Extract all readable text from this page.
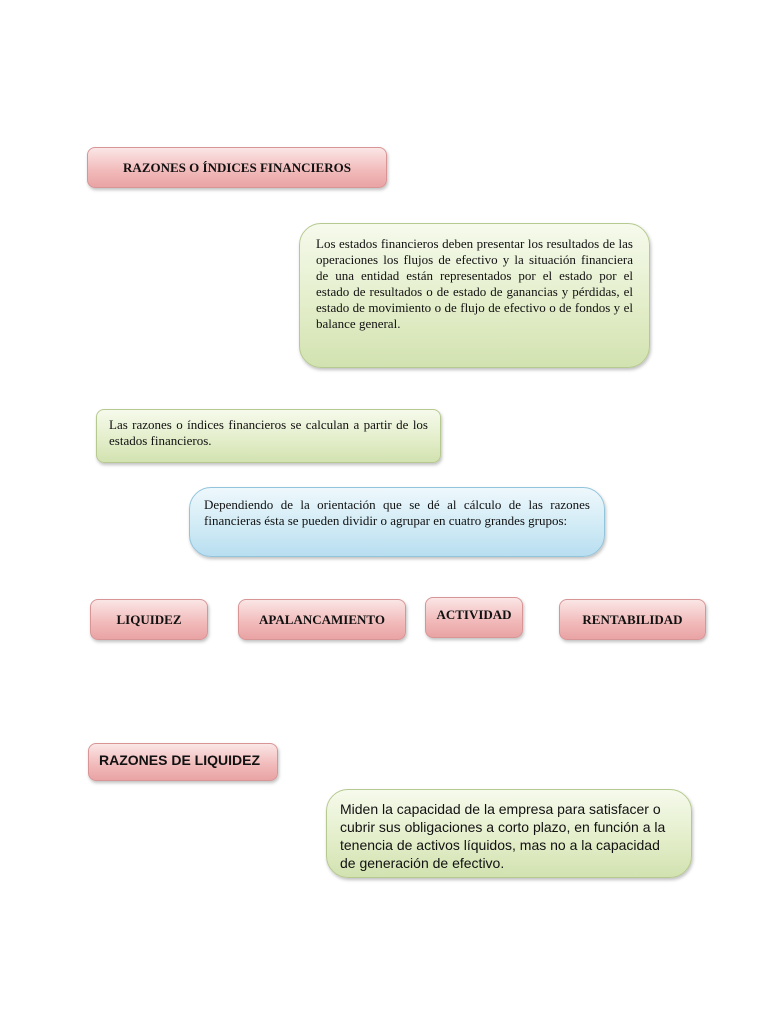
RAZONES O ÍNDICES FINANCIEROS
Los estados financieros deben presentar los resultados de las operaciones los flujos de efectivo y la situación financiera de una entidad están representados por el estado por el estado de resultados o de estado de ganancias y pérdidas, el estado de movimiento o de flujo de efectivo o de fondos y el balance general.
Las razones o índices financieros se calculan a partir de los estados financieros.
Dependiendo de la orientación que se dé al cálculo de las razones financieras ésta se pueden dividir o agrupar en cuatro grandes grupos:
LIQUIDEZ	APALANCAMIENTO	ACTIVIDAD	RENTABILIDAD
RAZONES DE LIQUIDEZ
Miden la capacidad de la empresa para satisfacer o cubrir sus obligaciones a corto plazo, en función a la tenencia de activos líquidos, mas no a la capacidad de generación de efectivo.
